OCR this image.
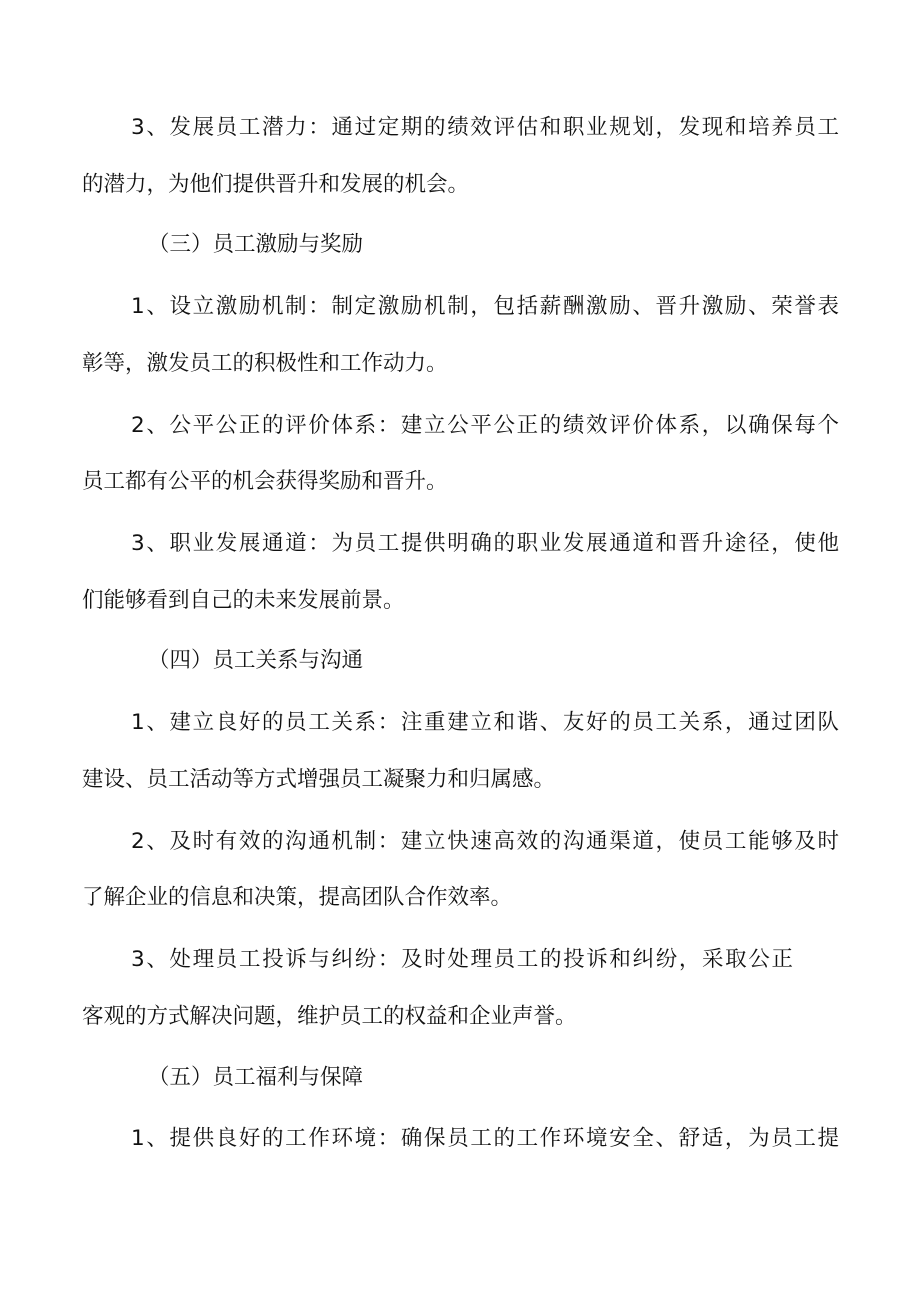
3、发展员工潜力：通过定期的绩效评估和职业规划，发现和培养员工
的潜力，为他们提供晋升和发展的机会。
（三）员工激励与奖励
1、设立激励机制：制定激励机制，包括薪酬激励、晋升激励、荣誉表
彰等，激发员工的积极性和工作动力。
2、公平公正的评价体系：建立公平公正的绩效评价体系，以确保每个
员工都有公平的机会获得奖励和晋升。
3、职业发展通道：为员工提供明确的职业发展通道和晋升途径，使他
们能够看到自己的未来发展前景。
（四）员工关系与沟通
1、建立良好的员工关系：注重建立和谐、友好的员工关系，通过团队
建设、员工活动等方式增强员工凝聚力和归属感。
2、及时有效的沟通机制：建立快速高效的沟通渠道，使员工能够及时
了解企业的信息和决策，提高团队合作效率。
3、处理员工投诉与纠纷：及时处理员工的投诉和纠纷，采取公正
客观的方式解决问题，维护员工的权益和企业声誉。
（五）员工福利与保障
1、提供良好的工作环境：确保员工的工作环境安全、舒适，为员工提
